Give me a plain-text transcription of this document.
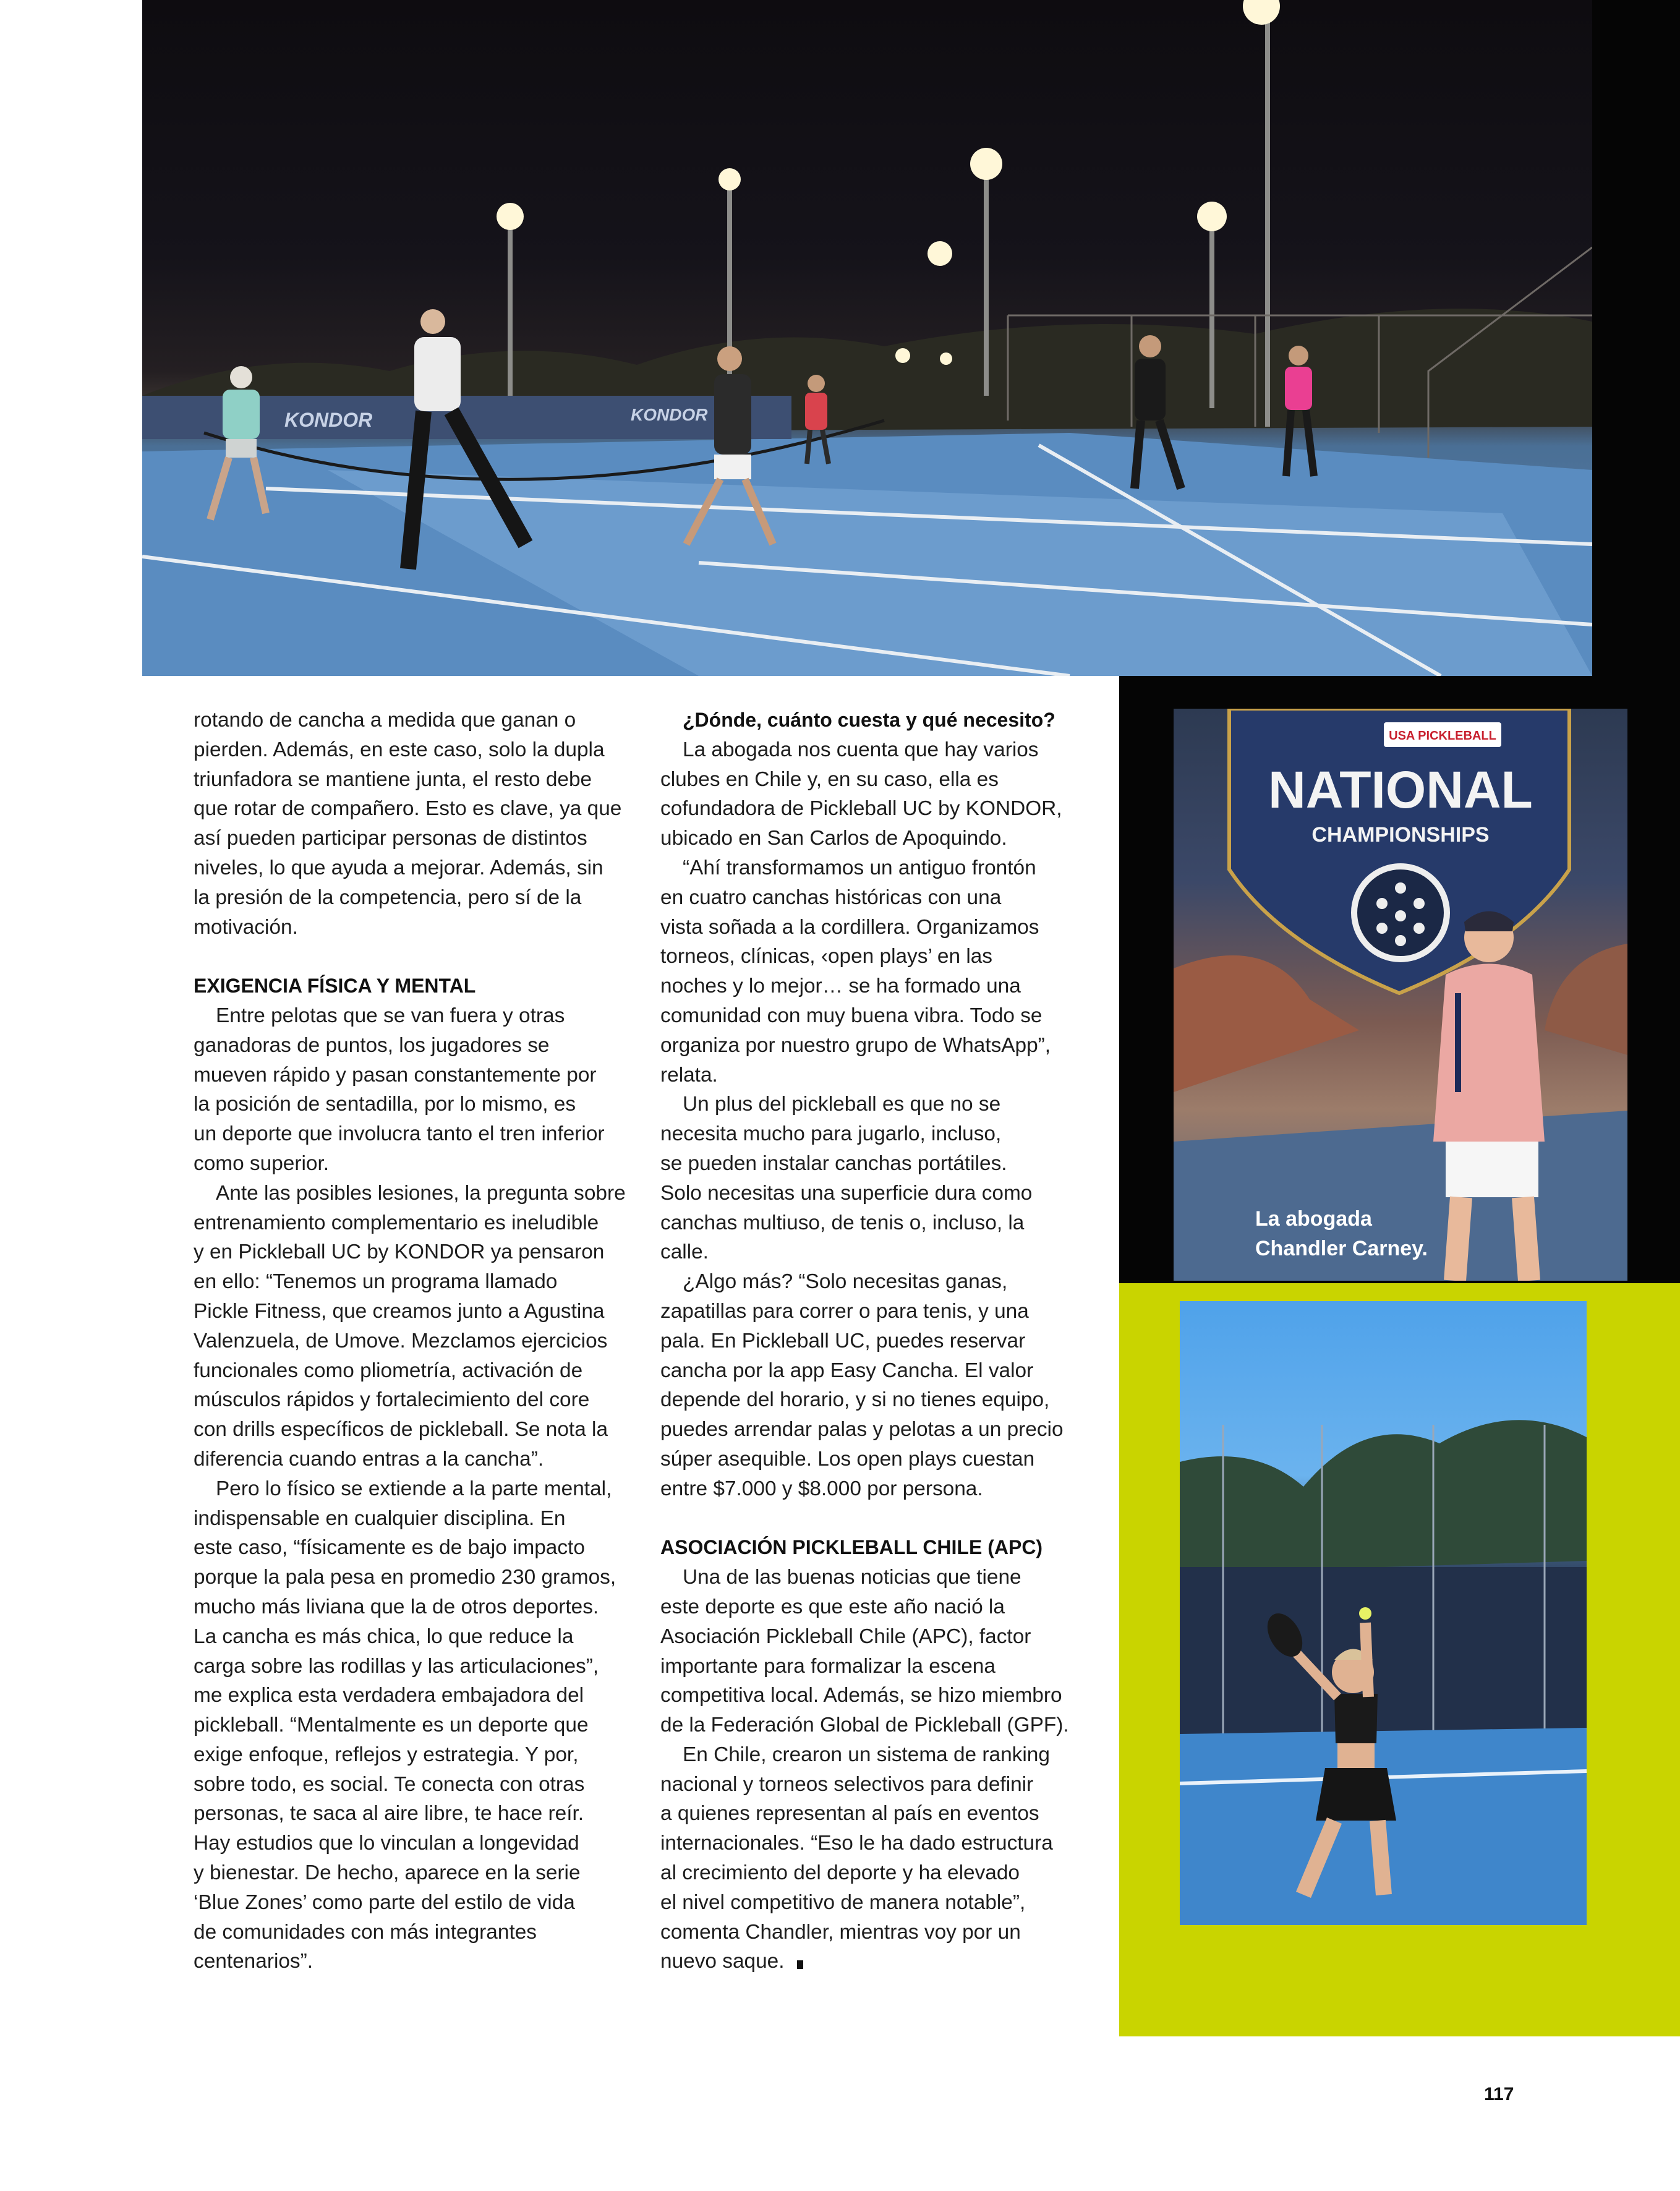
KONDOR	KONDOR
USA PICKLEBALL
NATIONAL
CHAMPIONSHIPS
La abogada
Chandler Carney.

rotando de cancha a medida que ganan o
pierden. Además, en este caso, solo la dupla
triunfadora se mantiene junta, el resto debe
que rotar de compañero. Esto es clave, ya que
así pueden participar personas de distintos
niveles, lo que ayuda a mejorar. Además, sin
la presión de la competencia, pero sí de la
motivación.

EXIGENCIA FÍSICA Y MENTAL

Entre pelotas que se van fuera y otras
ganadoras de puntos, los jugadores se
mueven rápido y pasan constantemente por
la posición de sentadilla, por lo mismo, es
un deporte que involucra tanto el tren inferior
como superior.

Ante las posibles lesiones, la pregunta sobre
entrenamiento complementario es ineludible
y en Pickleball UC by KONDOR ya pensaron
en ello: “Tenemos un programa llamado
Pickle Fitness, que creamos junto a Agustina
Valenzuela, de Umove. Mezclamos ejercicios
funcionales como pliometría, activación de
músculos rápidos y fortalecimiento del core
con drills específicos de pickleball. Se nota la
diferencia cuando entras a la cancha”.

Pero lo físico se extiende a la parte mental,
indispensable en cualquier disciplina. En
este caso, “físicamente es de bajo impacto
porque la pala pesa en promedio 230 gramos,
mucho más liviana que la de otros deportes.
La cancha es más chica, lo que reduce la
carga sobre las rodillas y las articulaciones”,
me explica esta verdadera embajadora del
pickleball. “Mentalmente es un deporte que
exige enfoque, reflejos y estrategia. Y por,
sobre todo, es social. Te conecta con otras
personas, te saca al aire libre, te hace reír.
Hay estudios que lo vinculan a longevidad
y bienestar. De hecho, aparece en la serie
‘Blue Zones’ como parte del estilo de vida
de comunidades con más integrantes
centenarios”.

¿Dónde, cuánto cuesta y qué necesito?

La abogada nos cuenta que hay varios
clubes en Chile y, en su caso, ella es
cofundadora de Pickleball UC by KONDOR,
ubicado en San Carlos de Apoquindo.

“Ahí transformamos un antiguo frontón
en cuatro canchas históricas con una
vista soñada a la cordillera. Organizamos
torneos, clínicas, ‹open plays’ en las
noches y lo mejor… se ha formado una
comunidad con muy buena vibra. Todo se
organiza por nuestro grupo de WhatsApp”,
relata.

Un plus del pickleball es que no se
necesita mucho para jugarlo, incluso,
se pueden instalar canchas portátiles.
Solo necesitas una superficie dura como
canchas multiuso, de tenis o, incluso, la
calle.

¿Algo más? “Solo necesitas ganas,
zapatillas para correr o para tenis, y una
pala. En Pickleball UC, puedes reservar
cancha por la app Easy Cancha. El valor
depende del horario, y si no tienes equipo,
puedes arrendar palas y pelotas a un precio
súper asequible. Los open plays cuestan
entre $7.000 y $8.000 por persona.

ASOCIACIÓN PICKLEBALL CHILE (APC)

Una de las buenas noticias que tiene
este deporte es que este año nació la
Asociación Pickleball Chile (APC), factor
importante para formalizar la escena
competitiva local. Además, se hizo miembro
de la Federación Global de Pickleball (GPF).

En Chile, crearon un sistema de ranking
nacional y torneos selectivos para definir
a quienes representan al país en eventos
internacionales. “Eso le ha dado estructura
al crecimiento del deporte y ha elevado
el nivel competitivo de manera notable”,
comenta Chandler, mientras voy por un
nuevo saque.

117
